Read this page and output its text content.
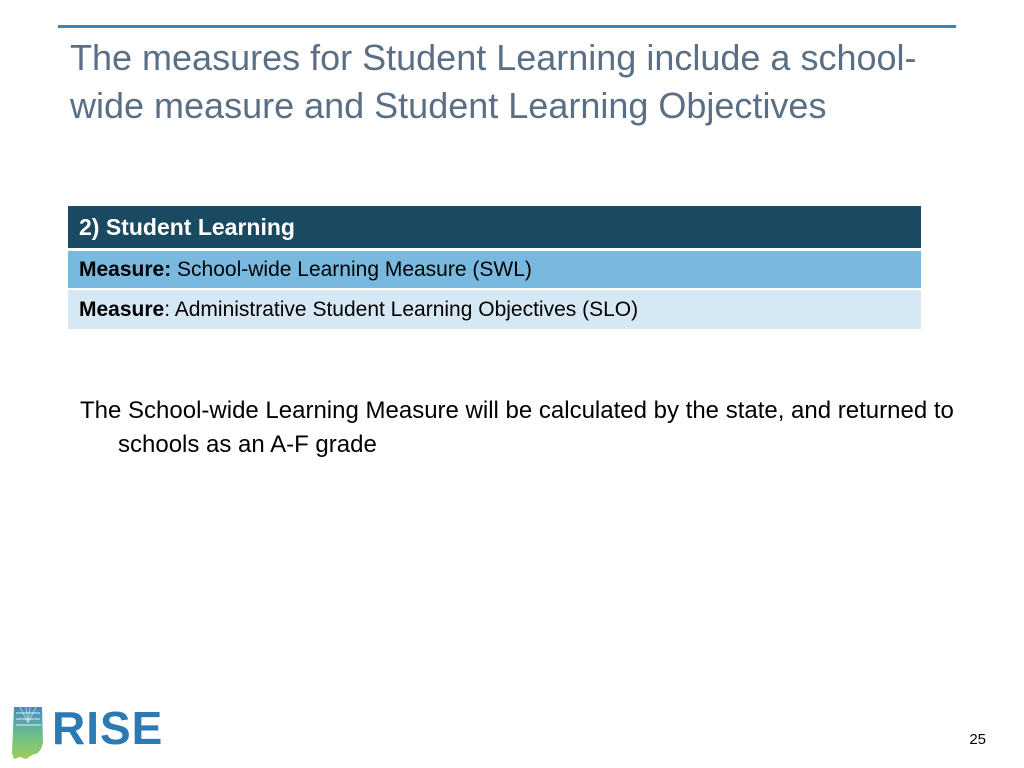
The measures for Student Learning include a school-wide measure and Student Learning Objectives
2) Student Learning
Measure: School-wide Learning Measure (SWL)
Measure: Administrative Student Learning Objectives (SLO)

The School-wide Learning Measure will be calculated by the state, and returned to schools as an A-F grade

RISE	25
